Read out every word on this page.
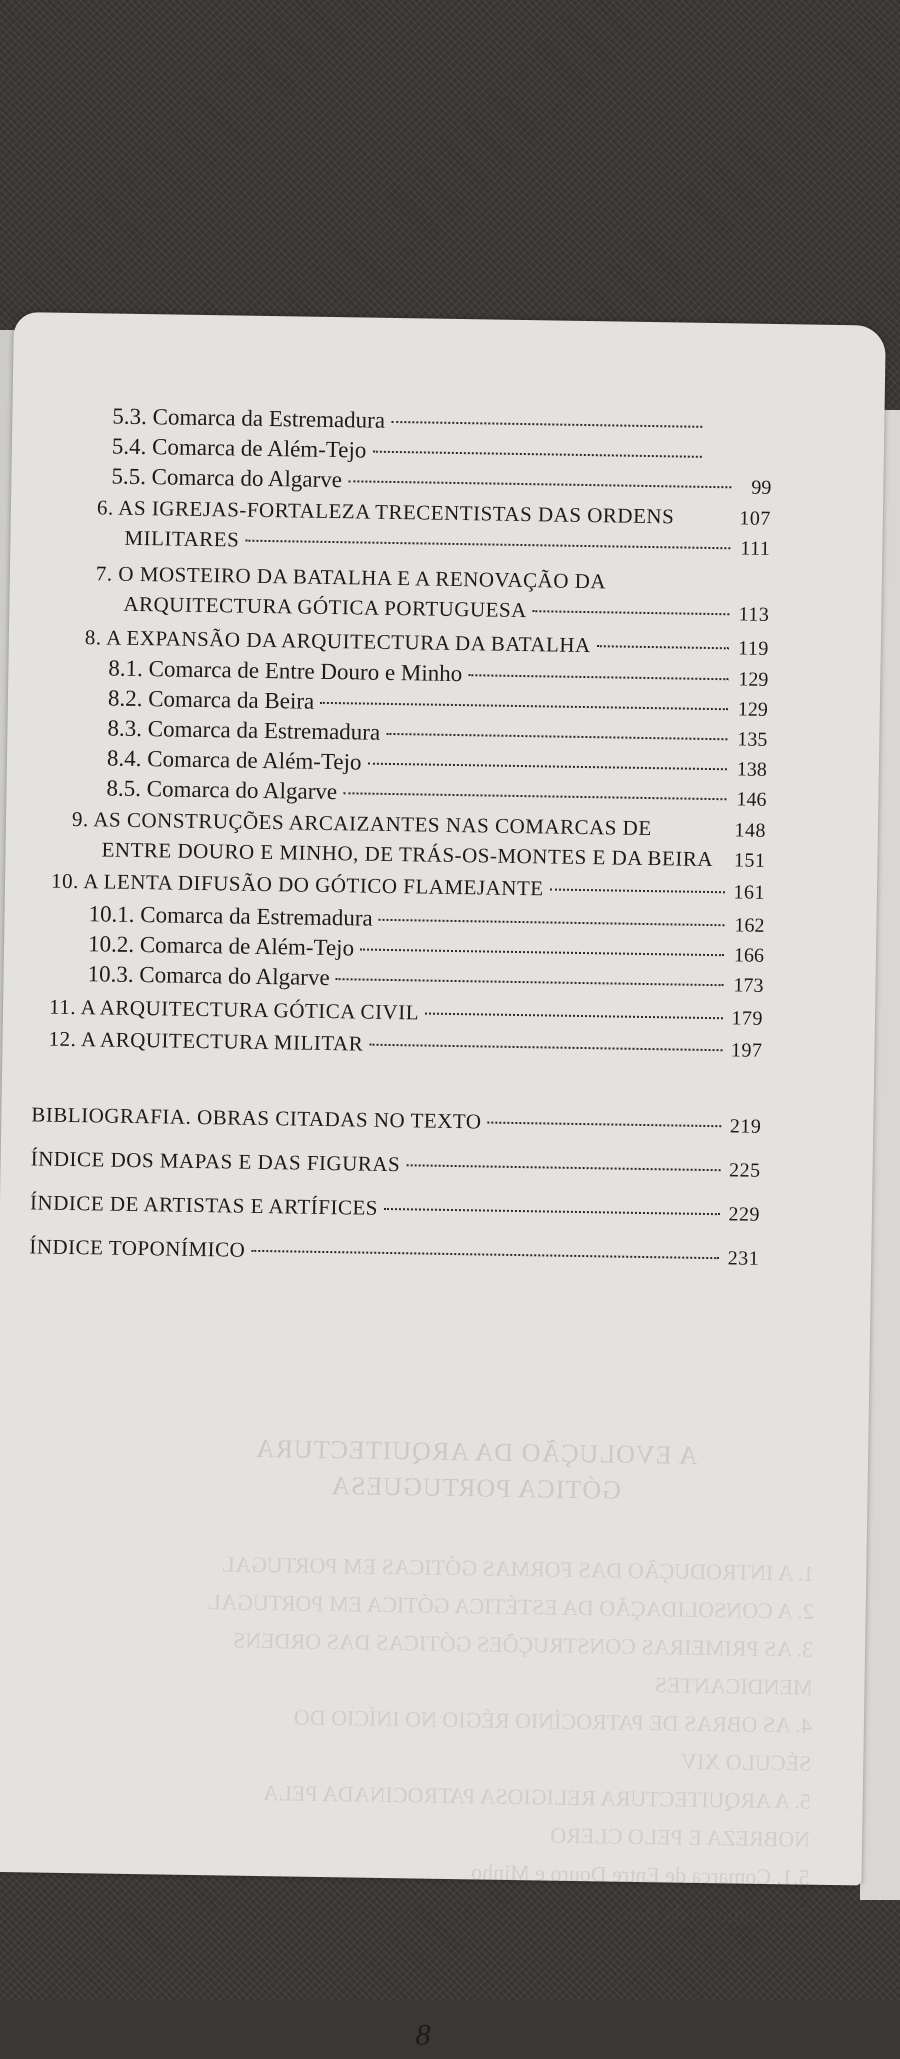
A EVOLUÇÃO DA ARQUITECTURA
GÓTICA PORTUGUESA
1. A INTRODUÇÃO DAS FORMAS GÓTICAS EM PORTUGAL
2. A CONSOLIDAÇÃO DA ESTÉTICA GÓTICA EM PORTUGAL
3. AS PRIMEIRAS CONSTRUÇÕES GÓTICAS DAS ORDENS
MENDICANTES
4. AS OBRAS DE PATROCÍNIO RÉGIO NO INÍCIO DO
SÉCULO XIV
5. A ARQUITECTURA RELIGIOSA PATROCINADA PELA
NOBREZA E PELO CLERO
5.1. Comarca de Entre Douro e Minho
5.2. Comarca da Beira
5.3. Comarca da Estremadura
5.4. Comarca de Além-Tejo
5.5. Comarca do Algarve	99
6. AS IGREJAS-FORTALEZA TRECENTISTAS DAS ORDENS	107
MILITARES	111
7. O MOSTEIRO DA BATALHA E A RENOVAÇÃO DA
ARQUITECTURA GÓTICA PORTUGUESA	113
8. A EXPANSÃO DA ARQUITECTURA DA BATALHA	119
8.1. Comarca de Entre Douro e Minho	129
8.2. Comarca da Beira	129
8.3. Comarca da Estremadura	135
8.4. Comarca de Além-Tejo	138
8.5. Comarca do Algarve	146
9. AS CONSTRUÇÕES ARCAIZANTES NAS COMARCAS DE	148
ENTRE DOURO E MINHO, DE TRÁS-OS-MONTES E DA BEIRA 151
10. A LENTA DIFUSÃO DO GÓTICO FLAMEJANTE	161
10.1. Comarca da Estremadura	162
10.2. Comarca de Além-Tejo	166
10.3. Comarca do Algarve	173
11. A ARQUITECTURA GÓTICA CIVIL	179
12. A ARQUITECTURA MILITAR	197
BIBLIOGRAFIA. OBRAS CITADAS NO TEXTO	219
ÍNDICE DOS MAPAS E DAS FIGURAS	225
ÍNDICE DE ARTISTAS E ARTÍFICES	229
ÍNDICE TOPONÍMICO	231
8
